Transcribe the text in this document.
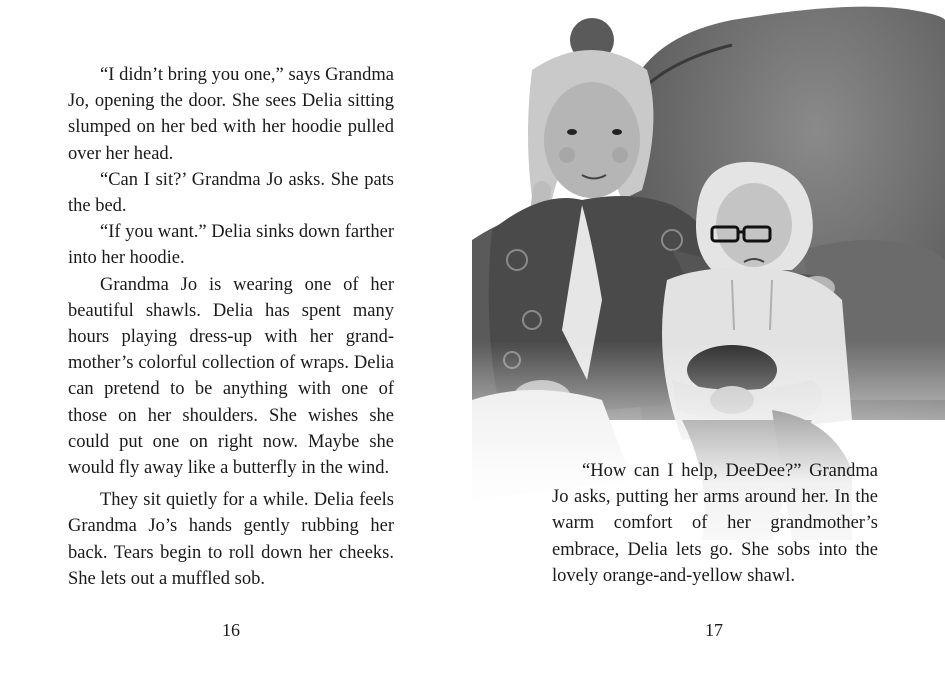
“I didn’t bring you one,” says Grandma Jo, opening the door. She sees Delia sitting slumped on her bed with her hoodie pulled over her head.

“Can I sit?’ Grandma Jo asks. She pats the bed.

“If you want.” Delia sinks down farther into her hoodie.

Grandma Jo is wearing one of her beautiful shawls. Delia has spent many hours playing dress-up with her grandmother’s colorful collection of wraps. Delia can pretend to be anything with one of those on her shoulders. She wishes she could put one on right now. Maybe she would fly away like a butterfly in the wind.

They sit quietly for a while. Delia feels Grandma Jo’s hands gently rubbing her back. Tears begin to roll down her cheeks. She lets out a muffled sob.

16

“How can I help, DeeDee?” Grandma Jo asks, putting her arms around her. In the warm comfort of her grandmother’s embrace, Delia lets go. She sobs into the lovely orange-and-yellow shawl.

17
